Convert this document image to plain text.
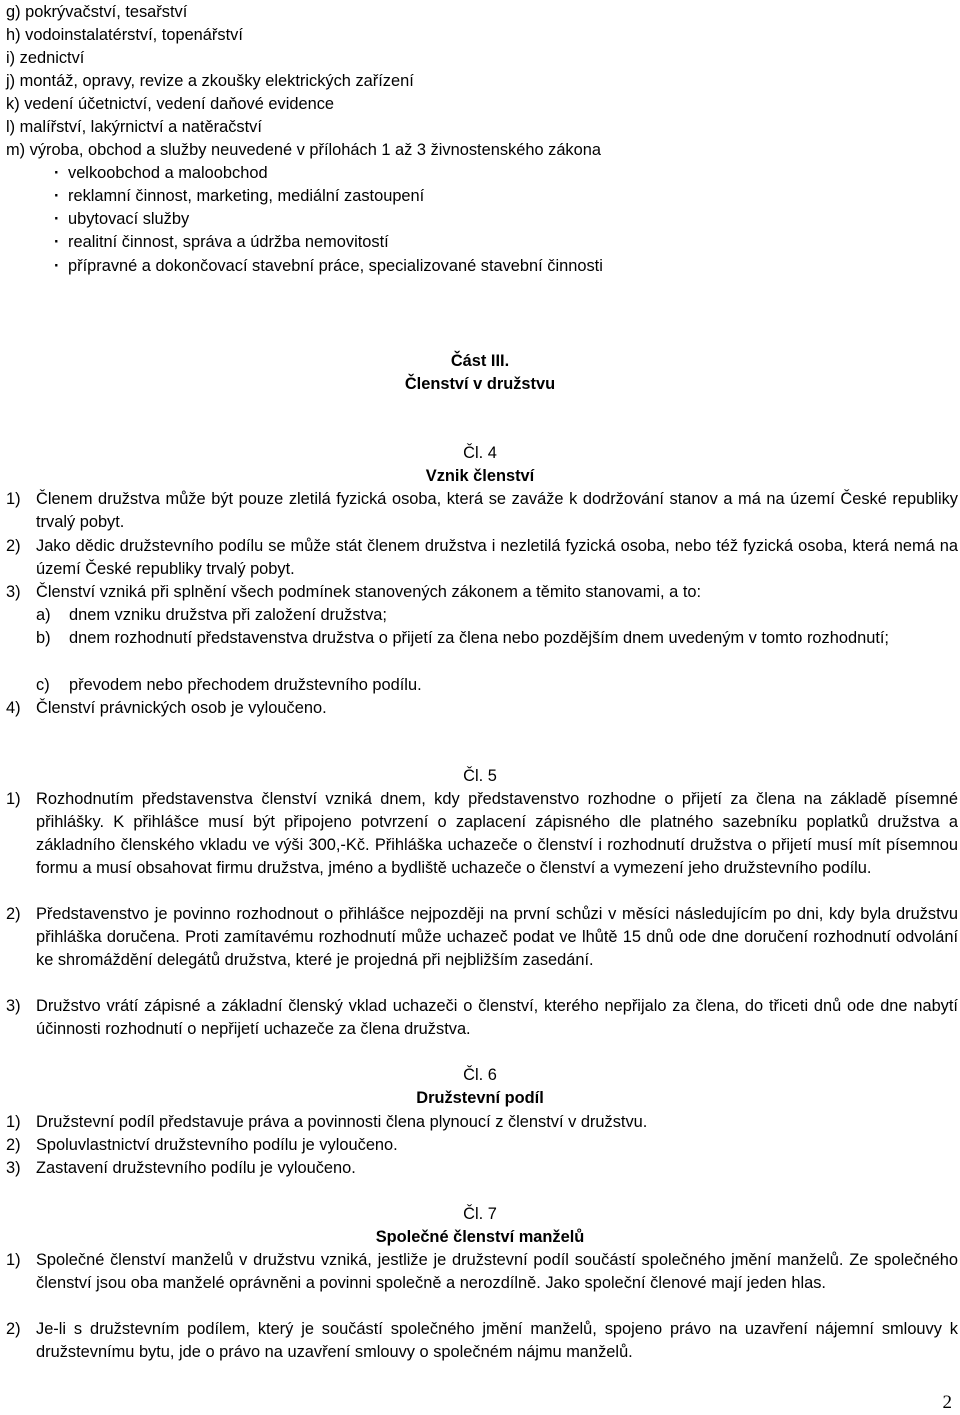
g) pokrývačství, tesařství
h) vodoinstalatérství, topenářství
i) zednictví
j) montáž, opravy, revize a zkoušky elektrických zařízení
k) vedení účetnictví, vedení daňové evidence
l) malířství, lakýrnictví a natěračství
m) výroba, obchod a služby neuvedené v přílohách 1 až 3 živnostenského zákona
· velkoobchod a maloobchod
· reklamní činnost, marketing, mediální zastoupení
· ubytovací služby
· realitní činnost, správa a údržba nemovitostí
· přípravné a dokončovací stavební práce, specializované stavební činnosti
Část III.
Členství v družstvu
Čl. 4
Vznik členství
1) Členem družstva může být pouze zletilá fyzická osoba, která se zaváže k dodržování stanov a má na území České republiky trvalý pobyt.
2) Jako dědic družstevního podílu se může stát členem družstva i nezletilá fyzická osoba, nebo též fyzická osoba, která nemá na území České republiky trvalý pobyt.
3) Členství vzniká při splnění všech podmínek stanovených zákonem a těmito stanovami, a to:
a) dnem vzniku družstva při založení družstva;
b) dnem rozhodnutí představenstva družstva o přijetí za člena nebo pozdějším dnem uvedeným v tomto rozhodnutí;
c) převodem nebo přechodem družstevního podílu.
4) Členství právnických osob je vyloučeno.
Čl. 5
1) Rozhodnutím představenstva členství vzniká dnem, kdy představenstvo rozhodne o přijetí za člena na základě písemné přihlášky. K přihlášce musí být připojeno potvrzení o zaplacení zápisného dle platného sazebníku poplatků družstva a základního členského vkladu ve výši 300,-Kč. Přihláška uchazeče o členství i rozhodnutí družstva o přijetí musí mít písemnou formu a musí obsahovat firmu družstva, jméno a bydliště uchazeče o členství a vymezení jeho družstevního podílu.
2) Představenstvo je povinno rozhodnout o přihlášce nejpozději na první schůzi v měsíci následujícím po dni, kdy byla družstvu přihláška doručena. Proti zamítavému rozhodnutí může uchazeč podat ve lhůtě 15 dnů ode dne doručení rozhodnutí odvolání ke shromáždění delegátů družstva, které je projedná při nejbližším zasedání.
3) Družstvo vrátí zápisné a základní členský vklad uchazeči o členství, kterého nepřijalo za člena, do třiceti dnů ode dne nabytí účinnosti rozhodnutí o nepřijetí uchazeče za člena družstva.
Čl. 6
Družstevní podíl
1) Družstevní podíl představuje práva a povinnosti člena plynoucí z členství v družstvu.
2) Spoluvlastnictví družstevního podílu je vyloučeno.
3) Zastavení družstevního podílu je vyloučeno.
Čl. 7
Společné členství manželů
1) Společné členství manželů v družstvu vzniká, jestliže je družstevní podíl součástí společného jmění manželů. Ze společného členství jsou oba manželé oprávněni a povinni společně a nerozdílně. Jako společní členové mají jeden hlas.
2) Je-li s družstevním podílem, který je součástí společného jmění manželů, spojeno právo na uzavření nájemní smlouvy k družstevnímu bytu, jde o právo na uzavření smlouvy o společném nájmu manželů.
2
